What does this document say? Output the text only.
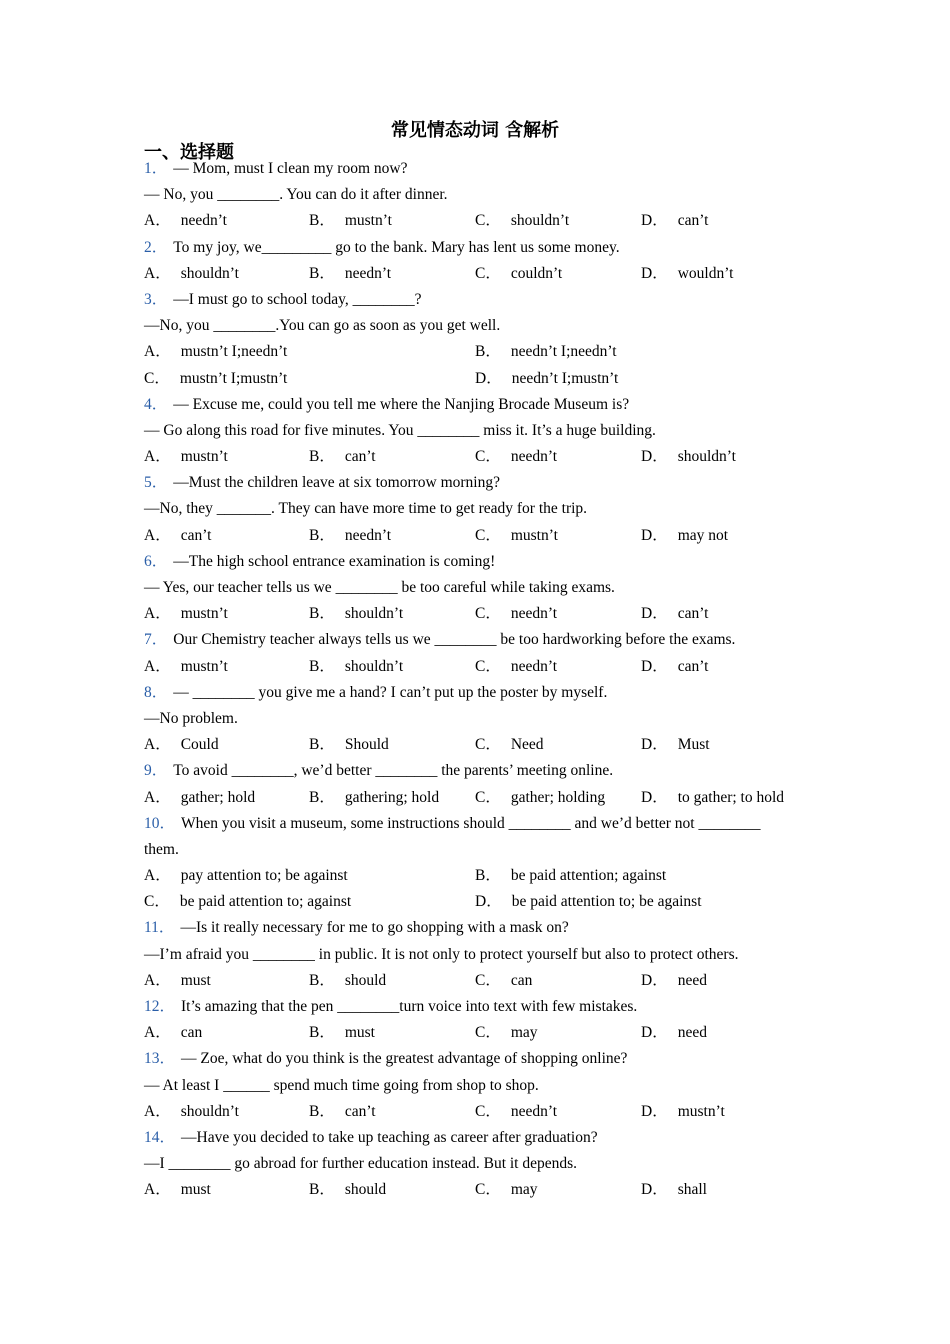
常见情态动词 含解析
一、选择题
1． — Mom, must I clean my room now?
— No, you ________. You can do it after dinner.
A． needn’t	B． mustn’t	C． shouldn’t	D． can’t
2． To my joy, we_________ go to the bank. Mary has lent us some money.
A． shouldn’t	B． needn’t	C． couldn’t	D． wouldn’t
3． —I must go to school today, ________?
—No, you ________.You can go as soon as you get well.
A． mustn’t I;needn’t	B． needn’t I;needn’t
C． mustn’t I;mustn’t	D． needn’t I;mustn’t
4． — Excuse me, could you tell me where the Nanjing Brocade Museum is?
— Go along this road for five minutes. You ________ miss it. It’s a huge building.
A． mustn’t	B． can’t	C． needn’t	D． shouldn’t
5． —Must the children leave at six tomorrow morning?
—No, they _______. They can have more time to get ready for the trip.
A． can’t	B． needn’t	C． mustn’t	D． may not
6． —The high school entrance examination is coming!
— Yes, our teacher tells us we ________ be too careful while taking exams.
A． mustn’t	B． shouldn’t	C． needn’t	D． can’t
7． Our Chemistry teacher always tells us we ________ be too hardworking before the exams.
A． mustn’t	B． shouldn’t	C． needn’t	D． can’t
8． — ________ you give me a hand? I can’t put up the poster by myself.
—No problem.
A． Could	B． Should	C． Need	D． Must
9． To avoid ________, we’d better ________ the parents’ meeting online.
A． gather; hold	B． gathering; hold C． gather; holding D． to gather; to hold
10． When you visit a museum, some instructions should ________ and we’d better not ________
them.
A． pay attention to; be against	B． be paid attention; against
C． be paid attention to; against	D． be paid attention to; be against
11． —Is it really necessary for me to go shopping with a mask on?
—I’m afraid you ________ in public. It is not only to protect yourself but also to protect others.
A． must	B． should	C． can	D． need
12． It’s amazing that the pen ________turn voice into text with few mistakes.
A． can	B． must	C． may	D． need
13． — Zoe, what do you think is the greatest advantage of shopping online?
— At least I ______ spend much time going from shop to shop.
A． shouldn’t	B． can’t	C． needn’t	D． mustn’t
14． —Have you decided to take up teaching as career after graduation?
—I ________ go abroad for further education instead. But it depends.
A． must	B． should	C． may	D． shall
